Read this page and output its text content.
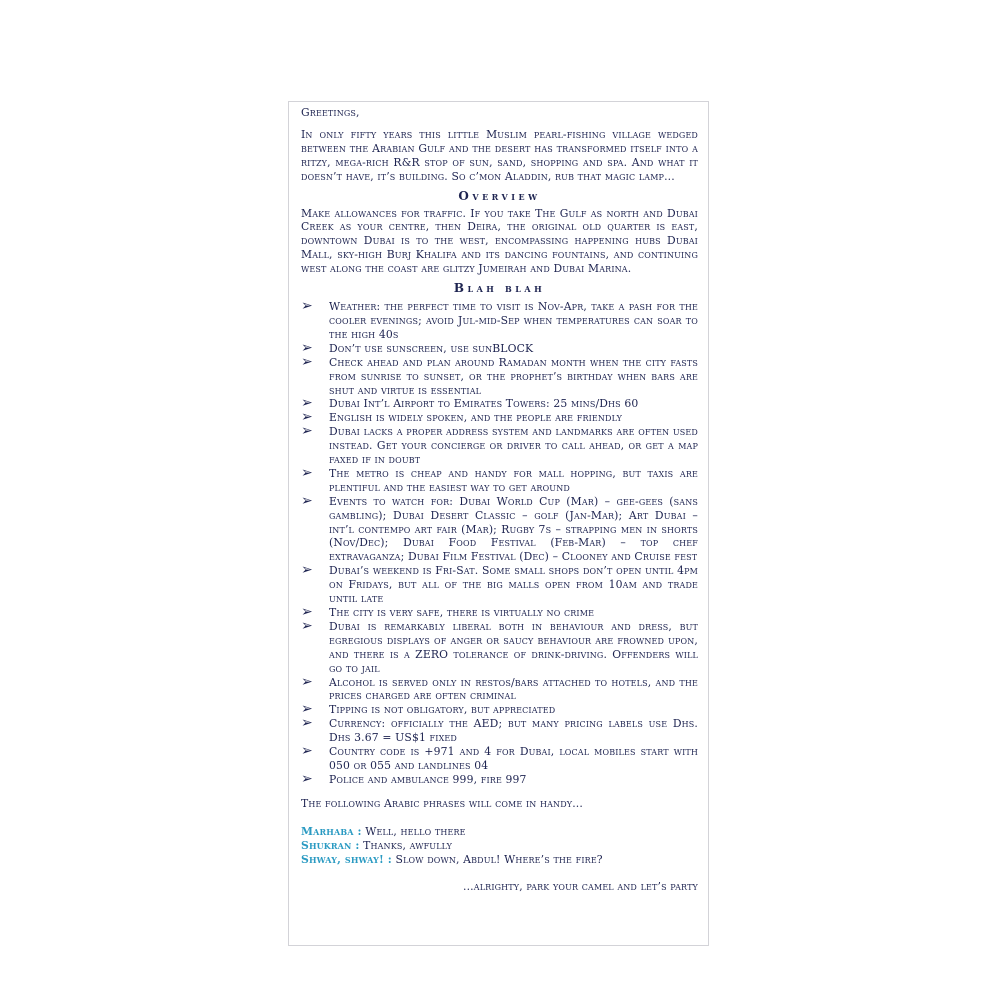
Greetings,

In only fifty years this little Muslim pearl-fishing village wedged between the Arabian Gulf and the desert has transformed itself into a ritzy, mega-rich R&R stop of sun, sand, shopping and spa. And what it doesn’t have, it’s building. So c’mon Aladdin, rub that magic lamp...

Overview

Make allowances for traffic. If you take The Gulf as north and Dubai Creek as your centre, then Deira, the original old quarter is east, downtown Dubai is to the west, encompassing happening hubs Dubai Mall, sky-high Burj Khalifa and its dancing fountains, and continuing west along the coast are glitzy Jumeirah and Dubai Marina.

Blah blah
➢ Weather: the perfect time to visit is Nov-Apr, take a pash for the cooler evenings; avoid Jul-mid-Sep when temperatures can soar to the high 40s
➢ Don’t use sunscreen, use sunBLOCK
➢ Check ahead and plan around Ramadan month when the city fasts from sunrise to sunset, or the prophet’s birthday when bars are shut and virtue is essential
➢ Dubai Int’l Airport to Emirates Towers: 25 mins/Dhs 60
➢ English is widely spoken, and the people are friendly
➢ Dubai lacks a proper address system and landmarks are often used instead. Get your concierge or driver to call ahead, or get a map faxed if in doubt
➢ The metro is cheap and handy for mall hopping, but taxis are plentiful and the easiest way to get around
➢ Events to watch for: Dubai World Cup (Mar) – gee-gees (sans gambling); Dubai Desert Classic – golf (Jan-Mar); Art Dubai – int’l contempo art fair (Mar); Rugby 7s – strapping men in shorts (Nov/Dec); Dubai Food Festival (Feb-Mar) – top chef extravaganza; Dubai Film Festival (Dec) – Clooney and Cruise fest
➢ Dubai’s weekend is Fri-Sat. Some small shops don’t open until 4pm on Fridays, but all of the big malls open from 10am and trade until late
➢ The city is very safe, there is virtually no crime
➢ Dubai is remarkably liberal both in behaviour and dress, but egregious displays of anger or saucy behaviour are frowned upon, and there is a ZERO tolerance of drink-driving. Offenders will go to jail
➢ Alcohol is served only in restos/bars attached to hotels, and the prices charged are often criminal
➢ Tipping is not obligatory, but appreciated
➢ Currency: officially the AED; but many pricing labels use Dhs. Dhs 3.67 = US$1 fixed
➢ Country code is +971 and 4 for Dubai, local mobiles start with 050 or 055 and landlines 04
➢ Police and ambulance 999, fire 997

The following Arabic phrases will come in handy...

Marhaba : Well, hello there
Shukran : Thanks, awfully
Shway, shway! : Slow down, Abdul! Where’s the fire?

...alrighty, park your camel and let’s party
